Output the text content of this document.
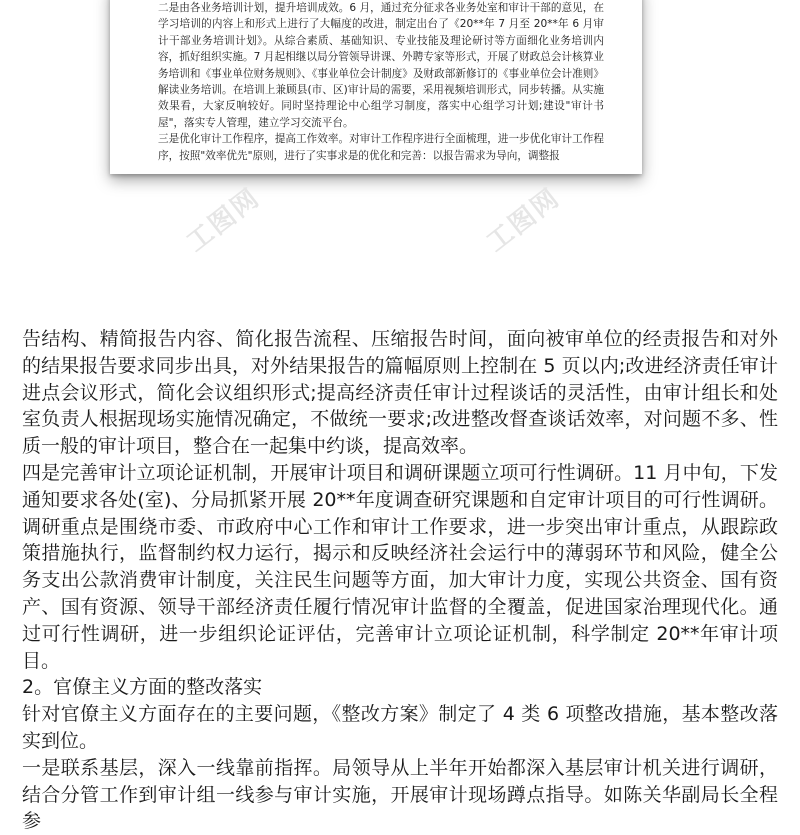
二是由各业务培训计划，提升培训成效。6 月，通过充分征求各业务处室和审计干部的意见，在学习培训的内容上和形式上进行了大幅度的改进，制定出台了《20**年 7 月至 20**年 6 月审计干部业务培训计划》。从综合素质、基础知识、专业技能及理论研讨等方面细化业务培训内容，抓好组织实施。7 月起相继以局分管领导讲课、外聘专家等形式，开展了财政总会计核算业务培训和《事业单位财务规则》、《事业单位会计制度》及财政部新修订的《事业单位会计准则》解读业务培训。在培训上兼顾县(市、区)审计局的需要，采用视频培训形式，同步转播。从实施效果看，大家反响较好。同时坚持理论中心组学习制度，落实中心组学习计划;建设"审计书屋"，落实专人管理，建立学习交流平台。

三是优化审计工作程序，提高工作效率。对审计工作程序进行全面梳理，进一步优化审计工作程序，按照"效率优先"原则，进行了实事求是的优化和完善：以报告需求为导向，调整报

工图网	工图网

告结构、精简报告内容、简化报告流程、压缩报告时间，面向被审单位的经责报告和对外的结果报告要求同步出具，对外结果报告的篇幅原则上控制在 5 页以内;改进经济责任审计进点会议形式，简化会议组织形式;提高经济责任审计过程谈话的灵活性，由审计组长和处室负责人根据现场实施情况确定，不做统一要求;改进整改督查谈话效率，对问题不多、性质一般的审计项目，整合在一起集中约谈，提高效率。

四是完善审计立项论证机制，开展审计项目和调研课题立项可行性调研。11 月中旬，下发通知要求各处(室)、分局抓紧开展 20**年度调查研究课题和自定审计项目的可行性调研。调研重点是围绕市委、市政府中心工作和审计工作要求，进一步突出审计重点，从跟踪政策措施执行，监督制约权力运行，揭示和反映经济社会运行中的薄弱环节和风险，健全公务支出公款消费审计制度，关注民生问题等方面，加大审计力度，实现公共资金、国有资产、国有资源、领导干部经济责任履行情况审计监督的全覆盖，促进国家治理现代化。通过可行性调研，进一步组织论证评估，完善审计立项论证机制，科学制定 20**年审计项目。

2。官僚主义方面的整改落实

针对官僚主义方面存在的主要问题，《整改方案》制定了 4 类 6 项整改措施，基本整改落实到位。

一是联系基层，深入一线靠前指挥。局领导从上半年开始都深入基层审计机关进行调研，结合分管工作到审计组一线参与审计实施，开展审计现场蹲点指导。如陈关华副局长全程参
